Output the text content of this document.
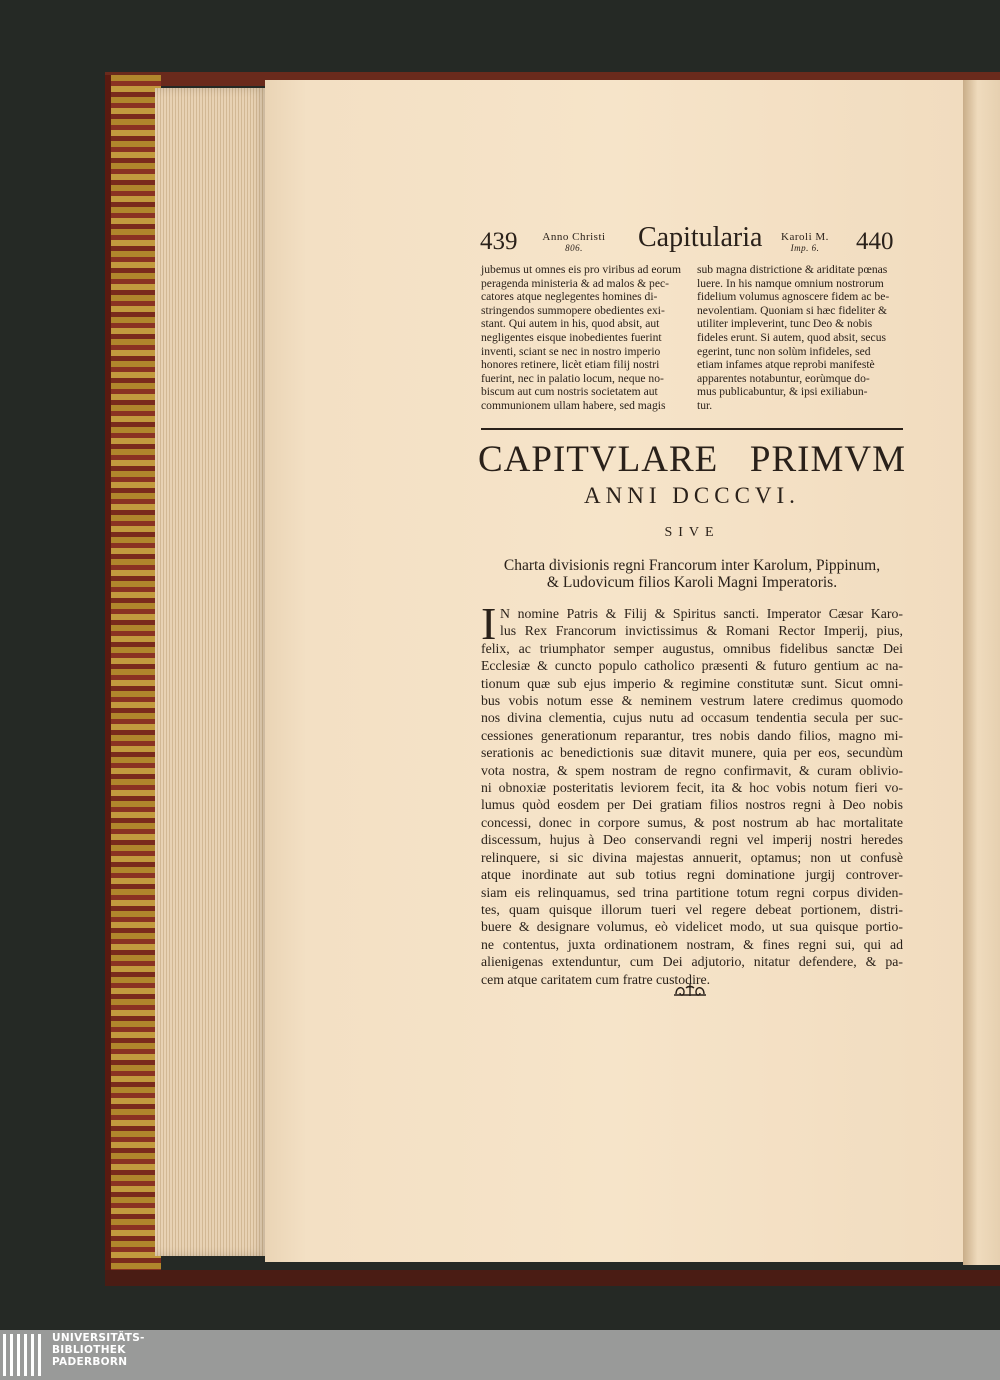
439	Anno Christi
806.	Capitularia	Karoli M.
Imp. 6.	440
jubemus ut omnes eis pro viribus ad eorum
peragenda ministeria & ad malos & pec-
catores atque neglegentes homines di-
stringendos summopere obedientes exi-
stant. Qui autem in his, quod absit, aut
negligentes eisque inobedientes fuerint
inventi, sciant se nec in nostro imperio
honores retinere, licèt etiam filij nostri
fuerint, nec in palatio locum, neque no-
biscum aut cum nostris societatem aut
communionem ullam habere, sed magis
sub magna districtione & ariditate pœnas
luere. In his namque omnium nostrorum
fidelium volumus agnoscere fidem ac be-
nevolentiam. Quoniam si hæc fideliter &
utiliter impleverint, tunc Deo & nobis
fideles erunt. Si autem, quod absit, secus
egerint, tunc non solùm infideles, sed
etiam infames atque reprobi manifestè
apparentes notabuntur, eorùmque do-
mus publicabuntur, & ipsi exiliabun-
tur.
CAPITVLARE PRIMVM
ANNI DCCCVI.
SIVE
Charta divisionis regni Francorum inter Karolum, Pippinum,
& Ludovicum filios Karoli Magni Imperatoris.
I N nomine Patris & Filij & Spiritus sancti. Imperator Cæsar Karo-
lus Rex Francorum invictissimus & Romani Rector Imperij, pius,
felix, ac triumphator semper augustus, omnibus fidelibus sanctæ Dei
Ecclesiæ & cuncto populo catholico præsenti & futuro gentium ac na-
tionum quæ sub ejus imperio & regimine constitutæ sunt. Sicut omni-
bus vobis notum esse & neminem vestrum latere credimus quomodo
nos divina clementia, cujus nutu ad occasum tendentia secula per suc-
cessiones generationum reparantur, tres nobis dando filios, magno mi-
serationis ac benedictionis suæ ditavit munere, quia per eos, secundùm
vota nostra, & spem nostram de regno confirmavit, & curam oblivio-
ni obnoxiæ posteritatis leviorem fecit, ita & hoc vobis notum fieri vo-
lumus quòd eosdem per Dei gratiam filios nostros regni à Deo nobis
concessi, donec in corpore sumus, & post nostrum ab hac mortalitate
discessum, hujus à Deo conservandi regni vel imperij nostri heredes
relinquere, si sic divina majestas annuerit, optamus; non ut confusè
atque inordinate aut sub totius regni dominatione jurgij controver-
siam eis relinquamus, sed trina partitione totum regni corpus dividen-
tes, quam quisque illorum tueri vel regere debeat portionem, distri-
buere & designare volumus, eò videlicet modo, ut sua quisque portio-
ne contentus, juxta ordinationem nostram, & fines regni sui, qui ad
alienigenas extenduntur, cum Dei adjutorio, nitatur defendere, & pa-
cem atque caritatem cum fratre custodire.
UNIVERSITÄTS-
BIBLIOTHEK
PADERBORN
